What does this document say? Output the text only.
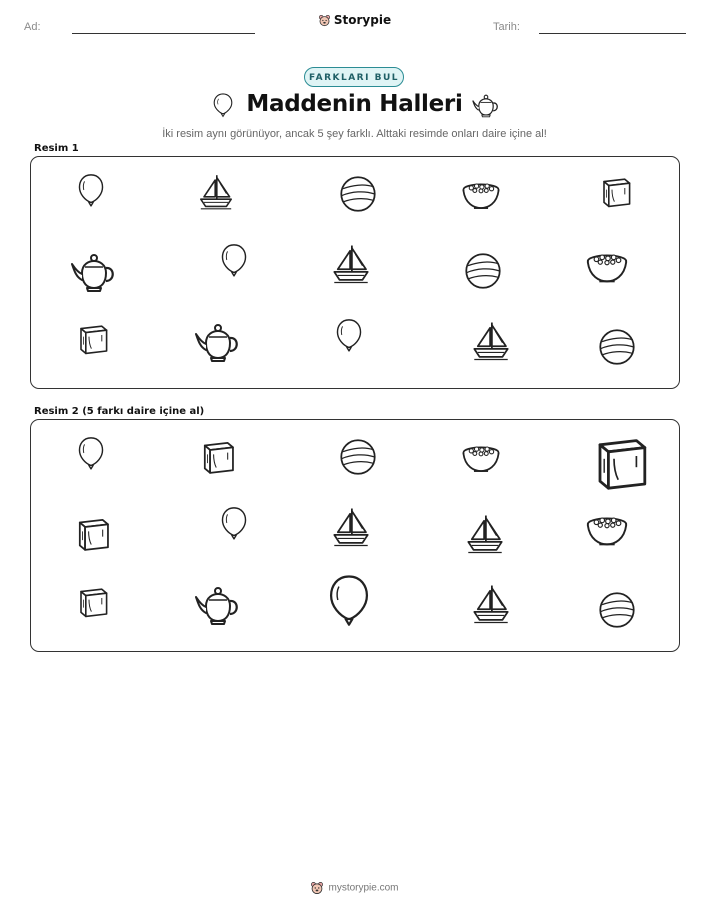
Ad:	Storypie	Tarih:
FARKLARI BUL
Maddenin Halleri
İki resim aynı görünüyor, ancak 5 şey farklı. Alttaki resimde onları daire içine al!
Resim 1
Resim 2 (5 farkı daire içine al)
mystorypie.com
